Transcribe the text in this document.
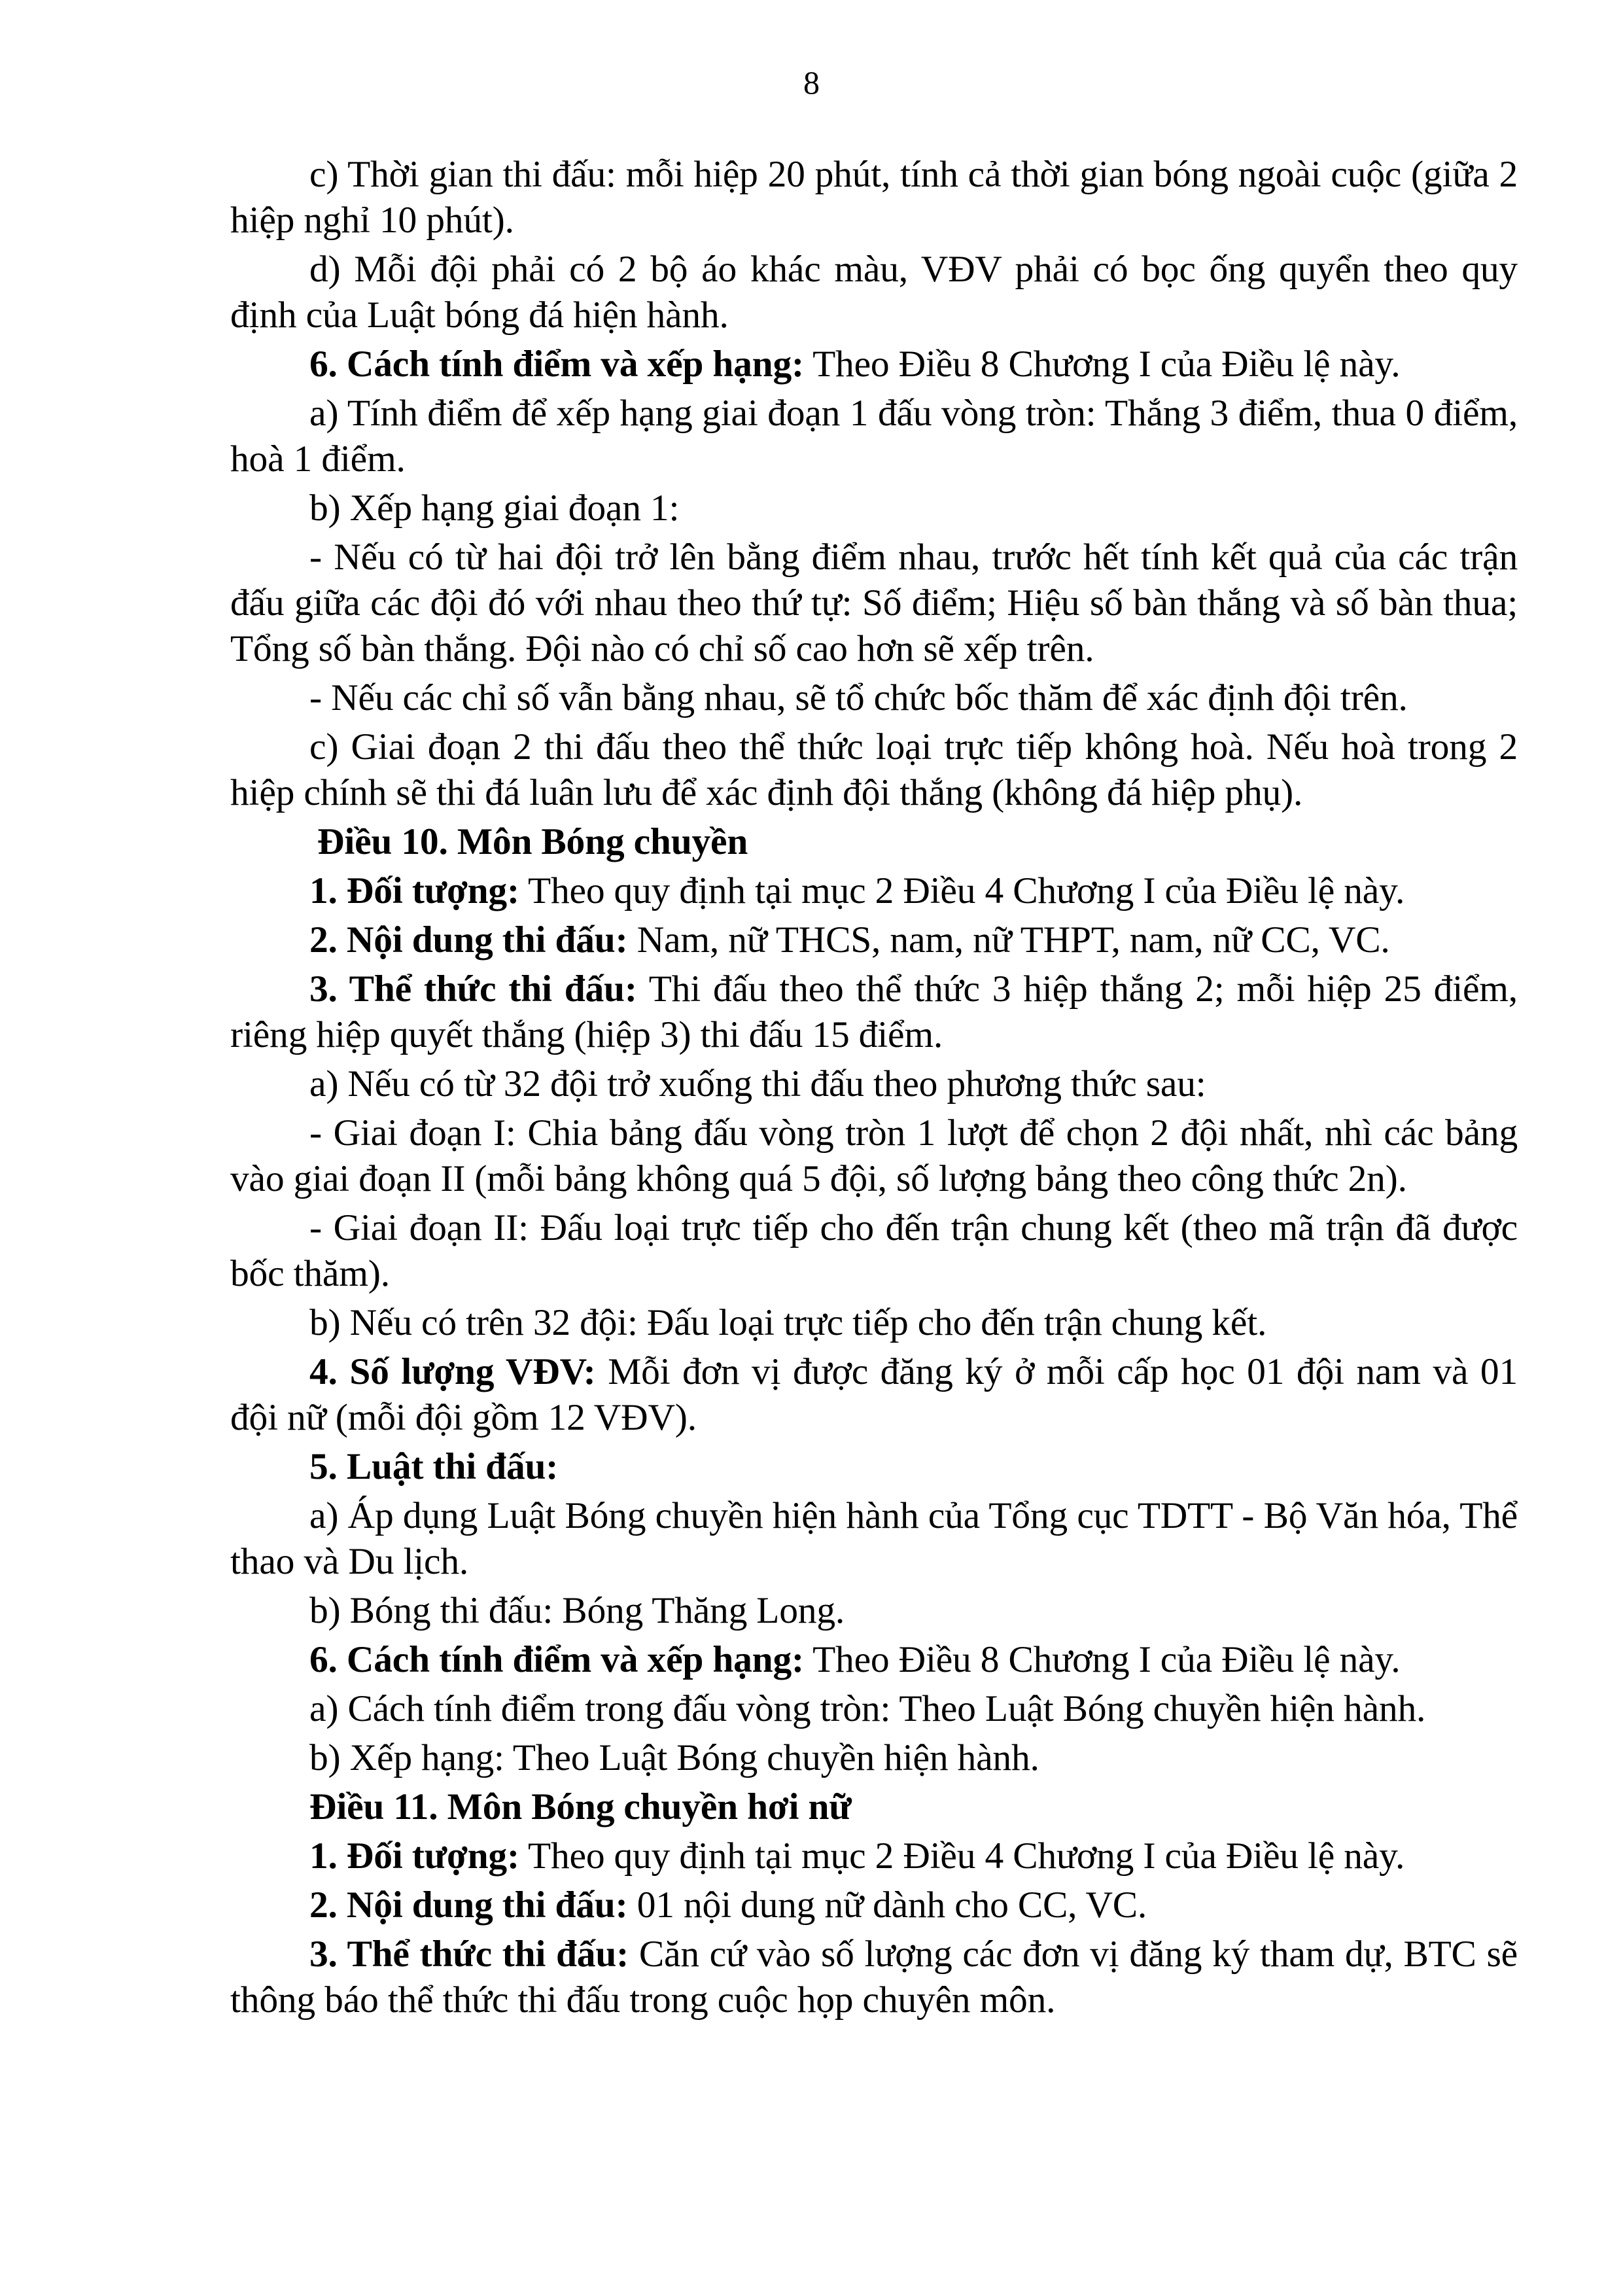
8

c) Thời gian thi đấu: mỗi hiệp 20 phút, tính cả thời gian bóng ngoài cuộc (giữa 2 hiệp nghỉ 10 phút).

d) Mỗi đội phải có 2 bộ áo khác màu, VĐV phải có bọc ống quyển theo quy định của Luật bóng đá hiện hành.

6. Cách tính điểm và xếp hạng: Theo Điều 8 Chương I của Điều lệ này.

a) Tính điểm để xếp hạng giai đoạn 1 đấu vòng tròn: Thắng 3 điểm, thua 0 điểm, hoà 1 điểm.

b) Xếp hạng giai đoạn 1:

- Nếu có từ hai đội trở lên bằng điểm nhau, trước hết tính kết quả của các trận đấu giữa các đội đó với nhau theo thứ tự: Số điểm; Hiệu số bàn thắng và số bàn thua; Tổng số bàn thắng. Đội nào có chỉ số cao hơn sẽ xếp trên.

- Nếu các chỉ số vẫn bằng nhau, sẽ tổ chức bốc thăm để xác định đội trên.

c) Giai đoạn 2 thi đấu theo thể thức loại trực tiếp không hoà. Nếu hoà trong 2 hiệp chính sẽ thi đá luân lưu để xác định đội thắng (không đá hiệp phụ).

Điều 10. Môn Bóng chuyền

1. Đối tượng: Theo quy định tại mục 2 Điều 4 Chương I của Điều lệ này.

2. Nội dung thi đấu: Nam, nữ THCS, nam, nữ THPT, nam, nữ CC, VC.

3. Thể thức thi đấu: Thi đấu theo thể thức 3 hiệp thắng 2; mỗi hiệp 25 điểm, riêng hiệp quyết thắng (hiệp 3) thi đấu 15 điểm.

a) Nếu có từ 32 đội trở xuống thi đấu theo phương thức sau:

- Giai đoạn I: Chia bảng đấu vòng tròn 1 lượt để chọn 2 đội nhất, nhì các bảng vào giai đoạn II (mỗi bảng không quá 5 đội, số lượng bảng theo công thức 2n).

- Giai đoạn II: Đấu loại trực tiếp cho đến trận chung kết (theo mã trận đã được bốc thăm).

b) Nếu có trên 32 đội: Đấu loại trực tiếp cho đến trận chung kết.

4. Số lượng VĐV: Mỗi đơn vị được đăng ký ở mỗi cấp học 01 đội nam và 01 đội nữ (mỗi đội gồm 12 VĐV).

5. Luật thi đấu:

a) Áp dụng Luật Bóng chuyền hiện hành của Tổng cục TDTT - Bộ Văn hóa, Thể thao và Du lịch.

b) Bóng thi đấu: Bóng Thăng Long.

6. Cách tính điểm và xếp hạng: Theo Điều 8 Chương I của Điều lệ này.

a) Cách tính điểm trong đấu vòng tròn: Theo Luật Bóng chuyền hiện hành.

b) Xếp hạng: Theo Luật Bóng chuyền hiện hành.

Điều 11. Môn Bóng chuyền hơi nữ

1. Đối tượng: Theo quy định tại mục 2 Điều 4 Chương I của Điều lệ này.

2. Nội dung thi đấu: 01 nội dung nữ dành cho CC, VC.

3. Thể thức thi đấu: Căn cứ vào số lượng các đơn vị đăng ký tham dự, BTC sẽ thông báo thể thức thi đấu trong cuộc họp chuyên môn.
